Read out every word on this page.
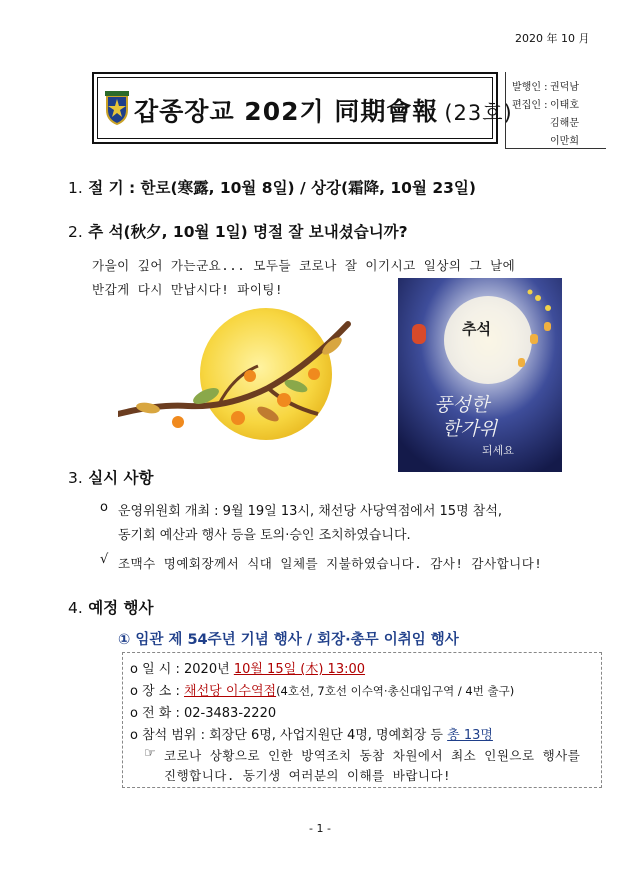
2020 年 10 月
갑종장교 202기 同期會報 (23호)
발행인 : 권덕남
편집인 : 이태호
김해문
이만희
1. 절 기 : 한로(寒露, 10월 8일) / 상강(霜降, 10월 23일)
2. 추 석(秋夕, 10월 1일) 명절 잘 보내셨습니까?
가을이 깊어 가는군요... 모두들 코로나 잘 이기시고 일상의 그 날에
반갑게 다시 만납시다! 파이팅!
추석
풍성한
한가위
되세요
3. 실시 사항
o 운영위원회 개최 : 9월 19일 13시, 채선당 사당역점에서 15명 참석,
동기회 예산과 행사 등을 토의·승인 조치하였습니다.
√ 조맥수 명예회장께서 식대 일체를 지불하였습니다. 감사! 감사합니다!
4. 예정 행사
① 임관 제 54주년 기념 행사 / 회장·총무 이취임 행사
o 일 시 : 2020년 10월 15일 (木) 13:00
o 장 소 : 채선당 이수역점(4호선, 7호선 이수역·총신대입구역 / 4번 출구)
o 전 화 : 02-3483-2220
o 참석 범위 : 회장단 6명, 사업지원단 4명, 명예회장 등 총 13명
☞ 코로나 상황으로 인한 방역조치 동참 차원에서 최소 인원으로 행사를
진행합니다. 동기생 여러분의 이해를 바랍니다!
- 1 -
